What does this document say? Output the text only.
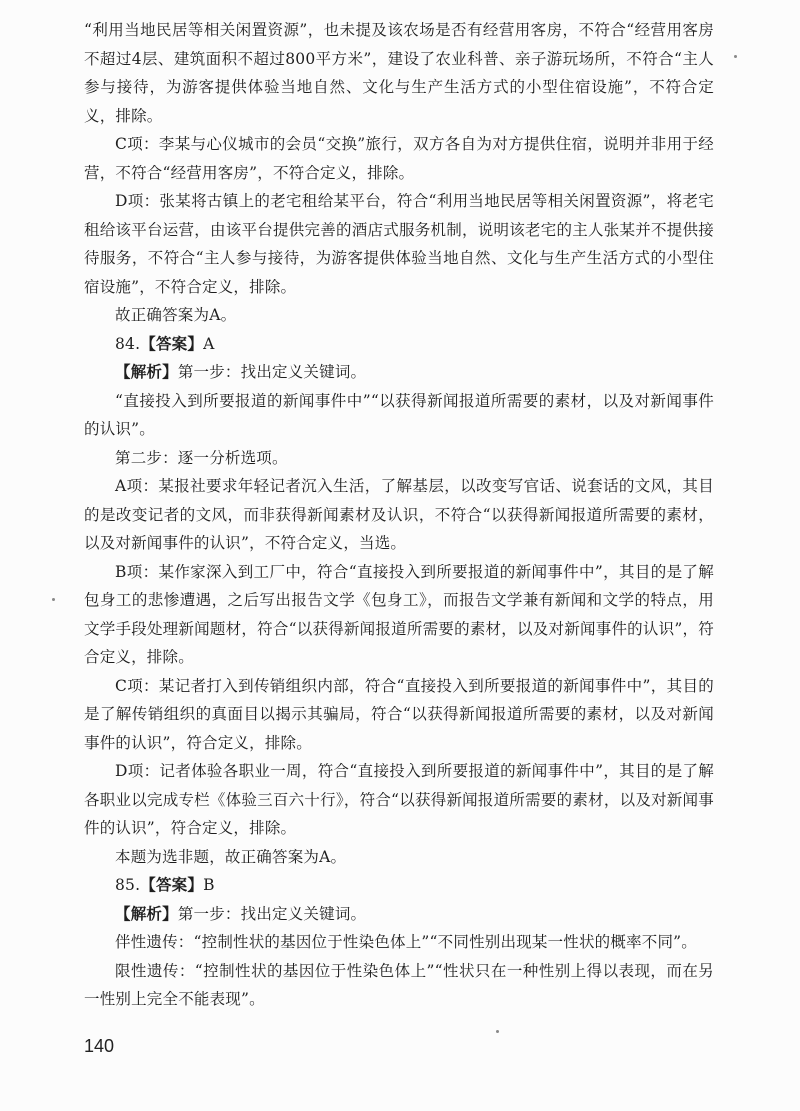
“利用当地民居等相关闲置资源”，也未提及该农场是否有经营用客房，不符合“经营用客房不超过4层、建筑面积不超过800平方米”，建设了农业科普、亲子游玩场所，不符合“主人参与接待，为游客提供体验当地自然、文化与生产生活方式的小型住宿设施”，不符合定义，排除。

C项：李某与心仪城市的会员“交换”旅行，双方各自为对方提供住宿，说明并非用于经营，不符合“经营用客房”，不符合定义，排除。

D项：张某将古镇上的老宅租给某平台，符合“利用当地民居等相关闲置资源”，将老宅租给该平台运营，由该平台提供完善的酒店式服务机制，说明该老宅的主人张某并不提供接待服务，不符合“主人参与接待，为游客提供体验当地自然、文化与生产生活方式的小型住宿设施”，不符合定义，排除。

故正确答案为A。

84.【答案】A

【解析】第一步：找出定义关键词。

“直接投入到所要报道的新闻事件中”“以获得新闻报道所需要的素材，以及对新闻事件的认识”。

第二步：逐一分析选项。

A项：某报社要求年轻记者沉入生活，了解基层，以改变写官话、说套话的文风，其目的是改变记者的文风，而非获得新闻素材及认识，不符合“以获得新闻报道所需要的素材，以及对新闻事件的认识”，不符合定义，当选。

B项：某作家深入到工厂中，符合“直接投入到所要报道的新闻事件中”，其目的是了解包身工的悲惨遭遇，之后写出报告文学《包身工》，而报告文学兼有新闻和文学的特点，用文学手段处理新闻题材，符合“以获得新闻报道所需要的素材，以及对新闻事件的认识”，符合定义，排除。

C项：某记者打入到传销组织内部，符合“直接投入到所要报道的新闻事件中”，其目的是了解传销组织的真面目以揭示其骗局，符合“以获得新闻报道所需要的素材，以及对新闻事件的认识”，符合定义，排除。

D项：记者体验各职业一周，符合“直接投入到所要报道的新闻事件中”，其目的是了解各职业以完成专栏《体验三百六十行》，符合“以获得新闻报道所需要的素材，以及对新闻事件的认识”，符合定义，排除。

本题为选非题，故正确答案为A。

85.【答案】B

【解析】第一步：找出定义关键词。

伴性遗传：“控制性状的基因位于性染色体上”“不同性别出现某一性状的概率不同”。

限性遗传：“控制性状的基因位于性染色体上”“性状只在一种性别上得以表现，而在另一性别上完全不能表现”。

140
